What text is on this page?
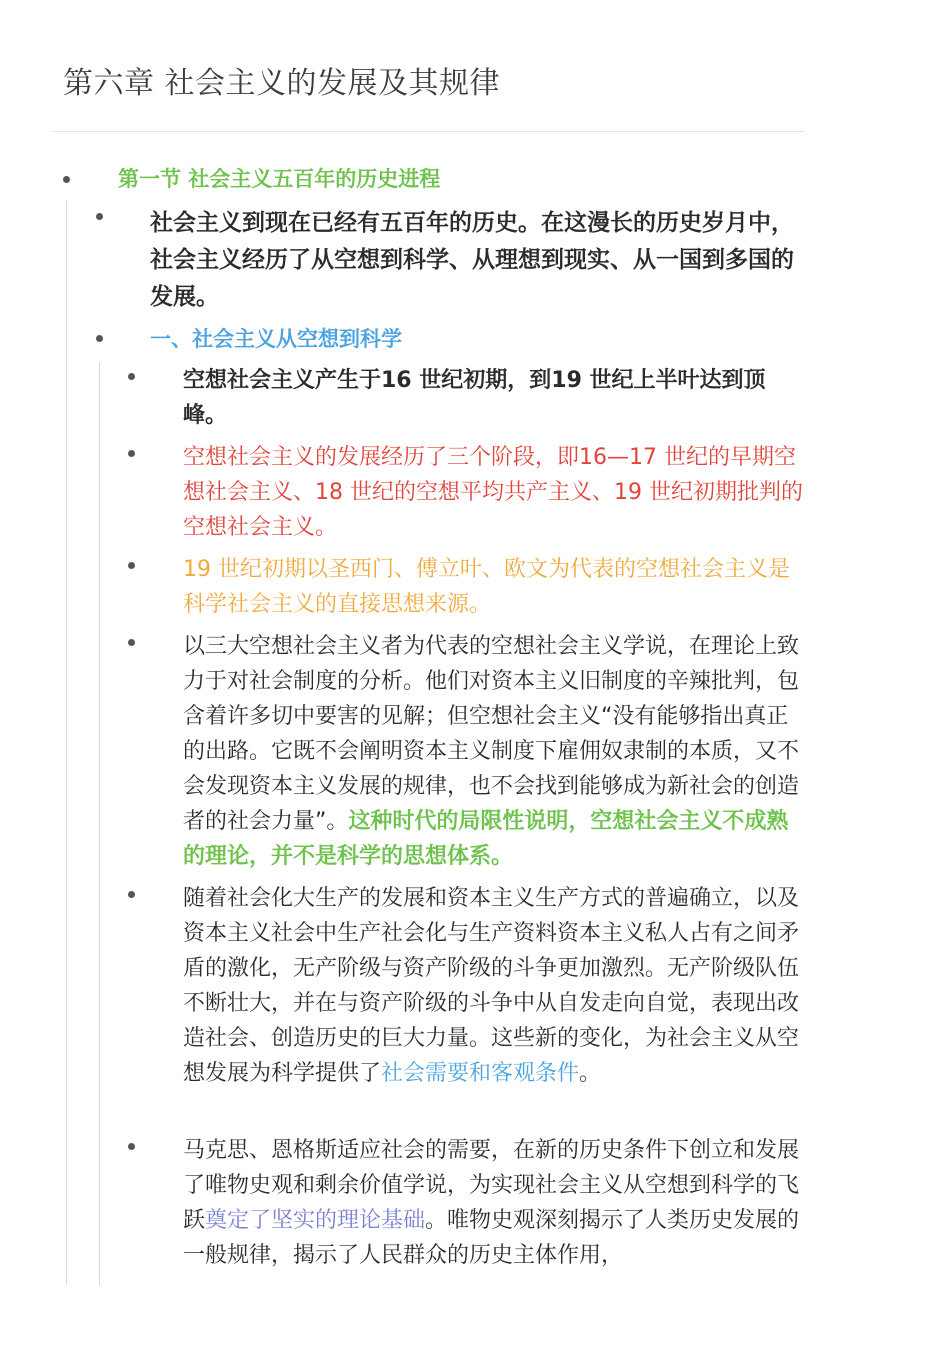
第六章 社会主义的发展及其规律
第一节 社会主义五百年的历史进程
社会主义到现在已经有五百年的历史。在这漫长的历史岁月中，社会主义经历了从空想到科学、从理想到现实、从一国到多国的发展。
一、社会主义从空想到科学
空想社会主义产生于16 世纪初期，到19 世纪上半叶达到顶峰。
空想社会主义的发展经历了三个阶段，即16—17 世纪的早期空想社会主义、18 世纪的空想平均共产主义、19 世纪初期批判的空想社会主义。
19 世纪初期以圣西门、傅立叶、欧文为代表的空想社会主义是科学社会主义的直接思想来源。
以三大空想社会主义者为代表的空想社会主义学说，在理论上致力于对社会制度的分析。他们对资本主义旧制度的辛辣批判，包含着许多切中要害的见解；但空想社会主义“没有能够指出真正的出路。它既不会阐明资本主义制度下雇佣奴隶制的本质，又不会发现资本主义发展的规律，也不会找到能够成为新社会的创造者的社会力量”。这种时代的局限性说明，空想社会主义不成熟的理论，并不是科学的思想体系。
随着社会化大生产的发展和资本主义生产方式的普遍确立，以及资本主义社会中生产社会化与生产资料资本主义私人占有之间矛盾的激化，无产阶级与资产阶级的斗争更加激烈。无产阶级队伍不断壮大，并在与资产阶级的斗争中从自发走向自觉，表现出改造社会、创造历史的巨大力量。这些新的变化，为社会主义从空想发展为科学提供了社会需要和客观条件。
马克思、恩格斯适应社会的需要，在新的历史条件下创立和发展了唯物史观和剩余价值学说，为实现社会主义从空想到科学的飞跃奠定了坚实的理论基础。唯物史观深刻揭示了人类历史发展的一般规律，揭示了人民群众的历史主体作用，
